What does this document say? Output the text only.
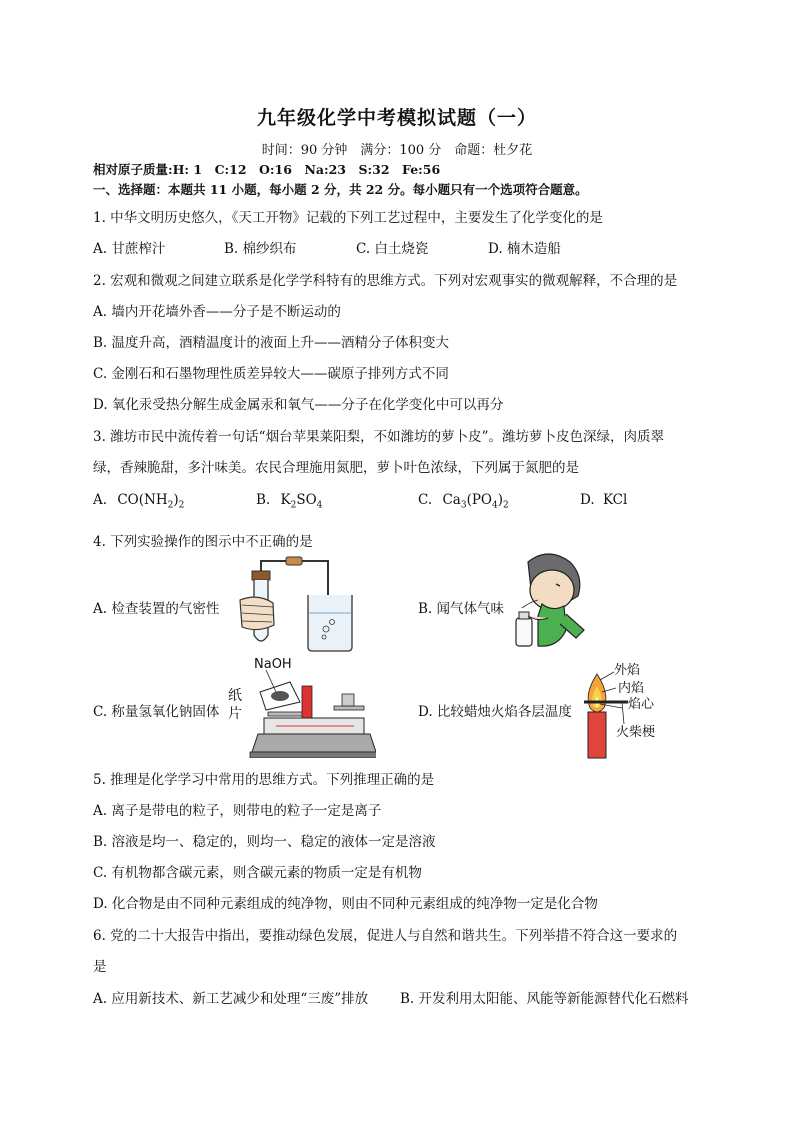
九年级化学中考模拟试题（一）
时间：90 分钟　满分：100 分　命题：杜夕花
相对原子质量:H: 1　C:12　O:16　Na:23　S:32　Fe:56
一、选择题：本题共 11 小题，每小题 2 分，共 22 分。每小题只有一个选项符合题意。
1. 中华文明历史悠久，《天工开物》记载的下列工艺过程中，主要发生了化学变化的是
A. 甘蔗榨汁	B. 棉纱织布	C. 白土烧瓷	D. 楠木造船
2. 宏观和微观之间建立联系是化学学科特有的思维方式。下列对宏观事实的微观解释，不合理的是
A. 墙内开花墙外香——分子是不断运动的
B. 温度升高，酒精温度计的液面上升——酒精分子体积变大
C. 金刚石和石墨物理性质差异较大——碳原子排列方式不同
D. 氧化汞受热分解生成金属汞和氧气——分子在化学变化中可以再分
3. 潍坊市民中流传着一句话“烟台苹果莱阳梨，不如潍坊的萝卜皮”。潍坊萝卜皮色深绿，肉质翠
绿，香辣脆甜，多汁味美。农民合理施用氮肥，萝卜叶色浓绿，下列属于氮肥的是
A. $CO(NH_2)_2$	B. $K_2SO_4$	C. $Ca_3(PO_4)_2$	D. KCl
4. 下列实验操作的图示中不正确的是
A. 检查装置的气密性	B. 闻气体气味
C. 称量氢氧化钠固体
NaOH
纸
片	D. 比较蜡烛火焰各层温度
外焰
内焰
焰心
火柴梗
5. 推理是化学学习中常用的思维方式。下列推理正确的是
A. 离子是带电的粒子，则带电的粒子一定是离子
B. 溶液是均一、稳定的，则均一、稳定的液体一定是溶液
C. 有机物都含碳元素，则含碳元素的物质一定是有机物
D. 化合物是由不同种元素组成的纯净物，则由不同种元素组成的纯净物一定是化合物
6. 党的二十大报告中指出，要推动绿色发展，促进人与自然和谐共生。下列举措不符合这一要求的
是
A. 应用新技术、新工艺减少和处理“三废”排放 B. 开发利用太阳能、风能等新能源替代化石燃料
